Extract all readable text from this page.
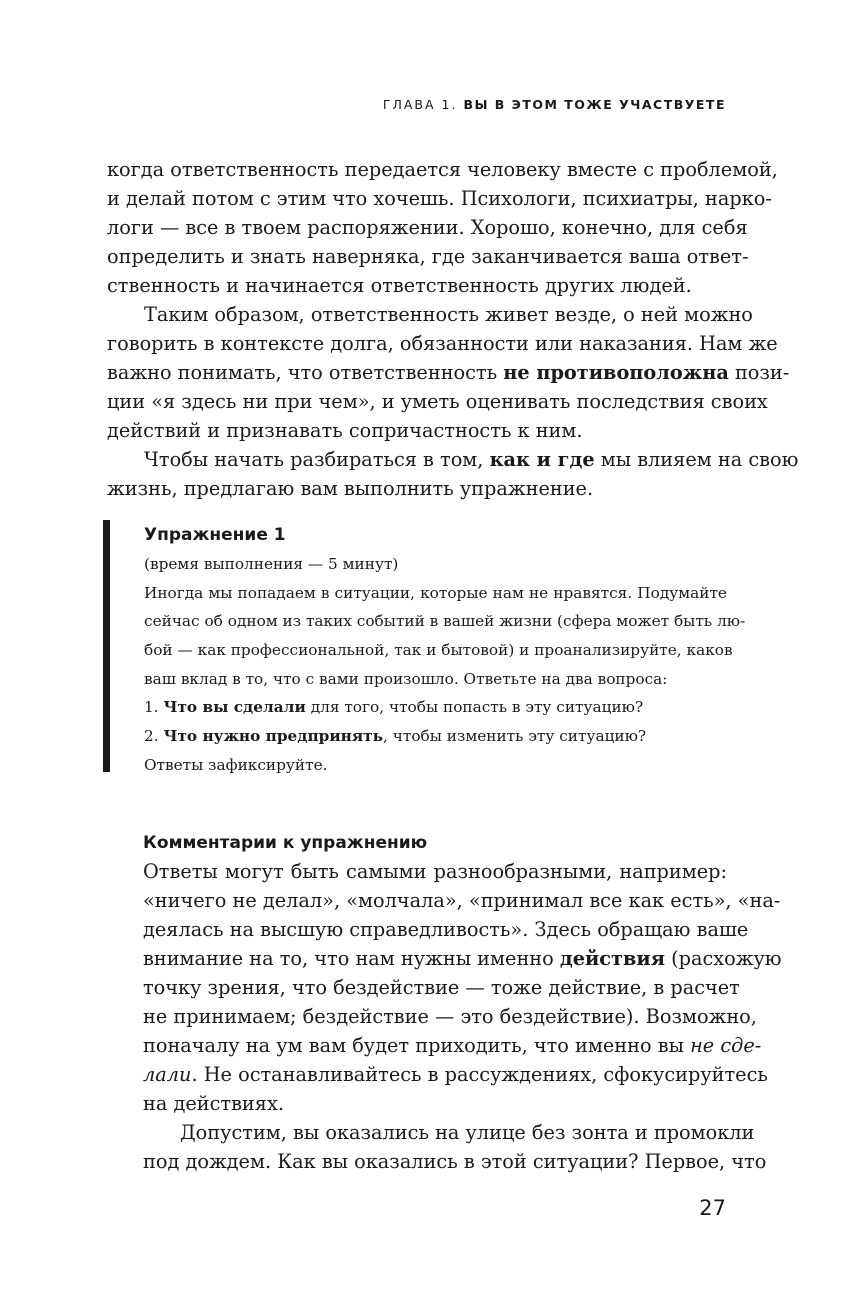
ГЛАВА 1. ВЫ В ЭТОМ ТОЖЕ УЧАСТВУЕТЕ
когда ответственность передается человеку вместе с проблемой,
и делай потом с этим что хочешь. Психологи, психиатры, нарко-
логи — все в твоем распоряжении. Хорошо, конечно, для себя
определить и знать наверняка, где заканчивается ваша ответ-
ственность и начинается ответственность других людей.
Таким образом, ответственность живет везде, о ней можно
говорить в контексте долга, обязанности или наказания. Нам же
важно понимать, что ответственность не противоположна пози-
ции «я здесь ни при чем», и уметь оценивать последствия своих
действий и признавать сопричастность к ним.
Чтобы начать разбираться в том, как и где мы влияем на свою
жизнь, предлагаю вам выполнить упражнение.
Упражнение 1
(время выполнения — 5 минут)
Иногда мы попадаем в ситуации, которые нам не нравятся. Подумайте
сейчас об одном из таких событий в вашей жизни (сфера может быть лю-
бой — как профессиональной, так и бытовой) и проанализируйте, каков
ваш вклад в то, что с вами произошло. Ответьте на два вопроса:
1. Что вы сделали для того, чтобы попасть в эту ситуацию?
2. Что нужно предпринять, чтобы изменить эту ситуацию?
Ответы зафиксируйте.
Комментарии к упражнению
Ответы могут быть самыми разнообразными, например:
«ничего не делал», «молчала», «принимал все как есть», «на-
деялась на высшую справедливость». Здесь обращаю ваше
внимание на то, что нам нужны именно действия (расхожую
точку зрения, что бездействие — тоже действие, в расчет
не принимаем; бездействие — это бездействие). Возможно,
поначалу на ум вам будет приходить, что именно вы не сде-
лали. Не останавливайтесь в рассуждениях, сфокусируйтесь
на действиях.
Допустим, вы оказались на улице без зонта и промокли
под дождем. Как вы оказались в этой ситуации? Первое, что
27
